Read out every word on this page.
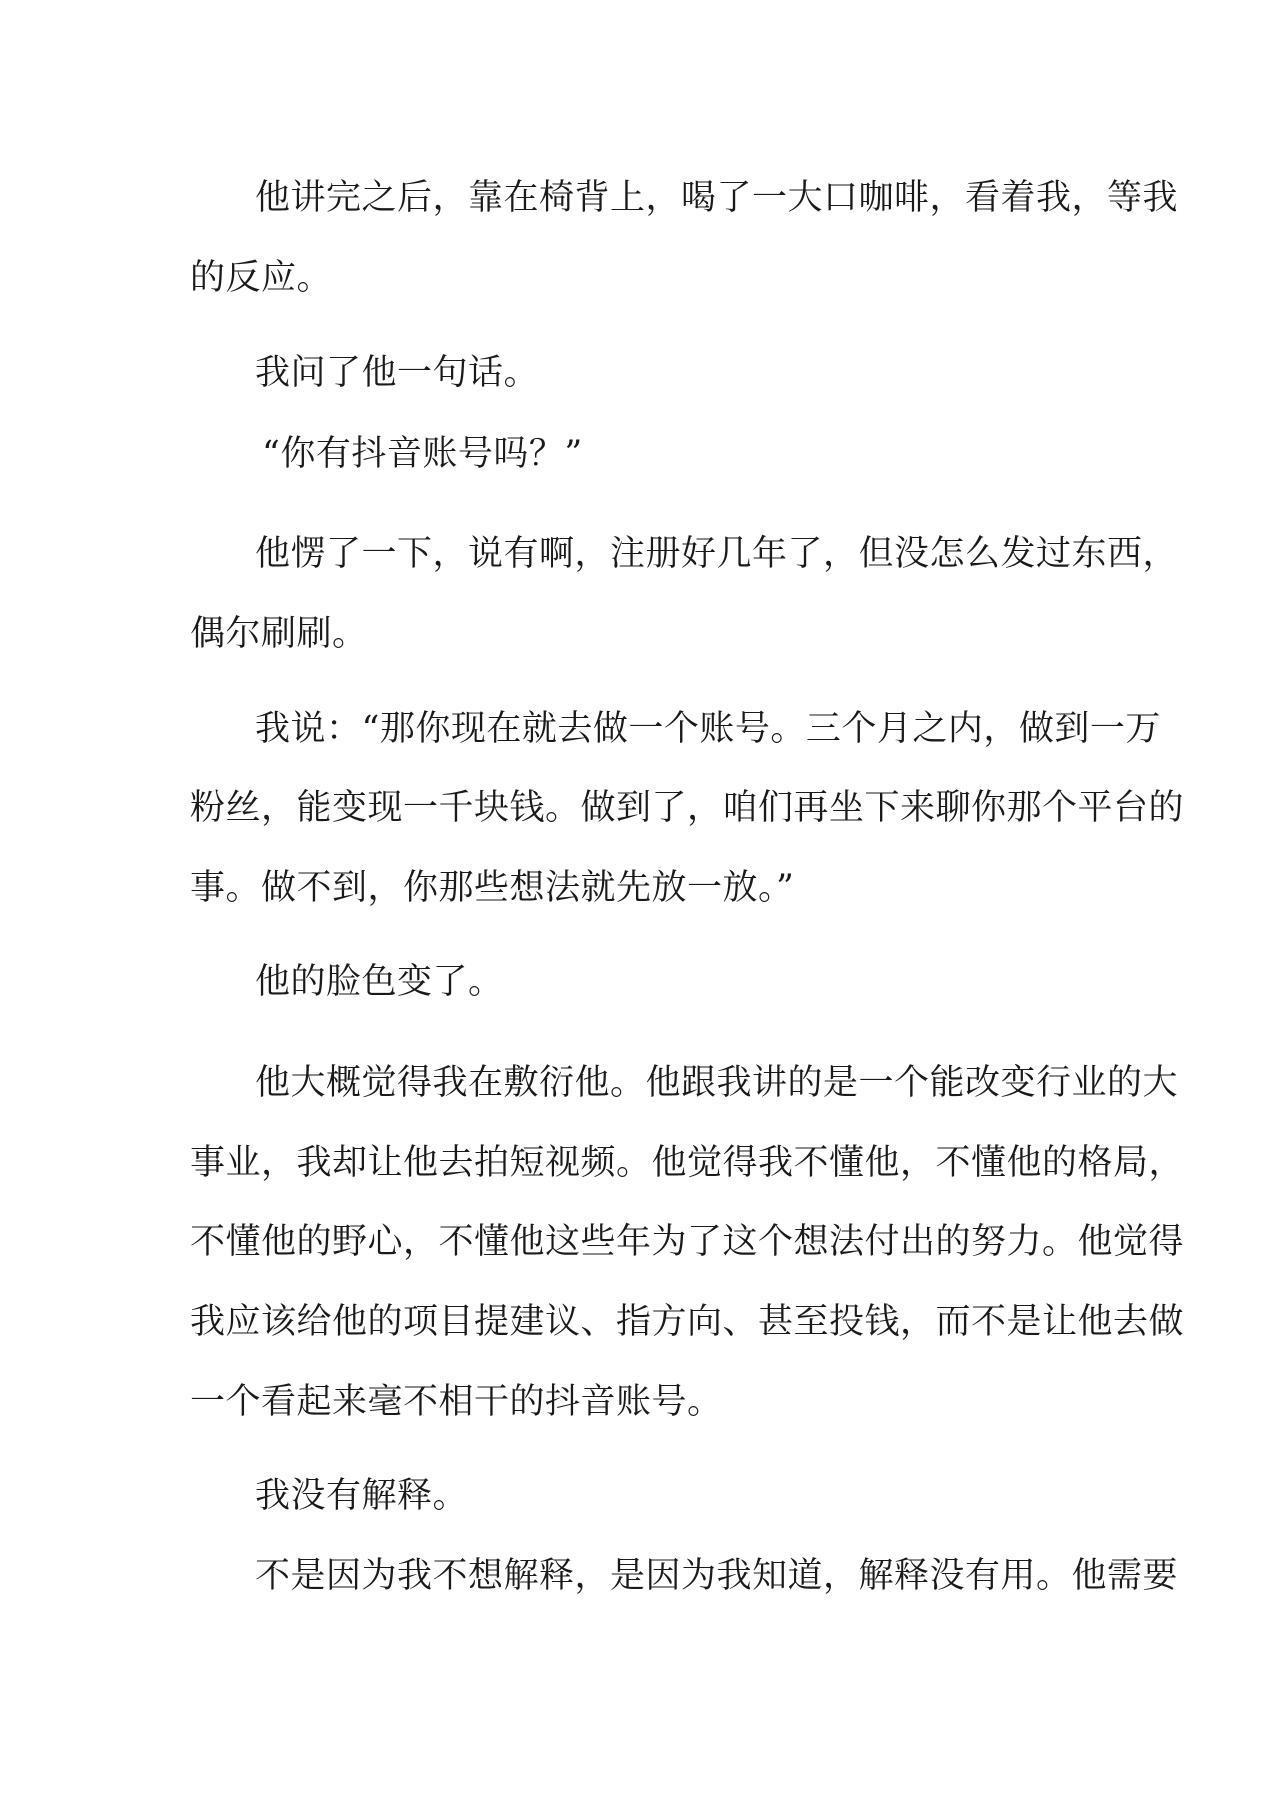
他讲完之后，靠在椅背上，喝了一大口咖啡，看着我，等我
的反应。
我问了他一句话。
“你有抖音账号吗？”
他愣了一下，说有啊，注册好几年了，但没怎么发过东西，
偶尔刷刷。
我说：“那你现在就去做一个账号。三个月之内，做到一万
粉丝，能变现一千块钱。做到了，咱们再坐下来聊你那个平台的
事。做不到，你那些想法就先放一放。”
他的脸色变了。
他大概觉得我在敷衍他。他跟我讲的是一个能改变行业的大
事业，我却让他去拍短视频。他觉得我不懂他，不懂他的格局，
不懂他的野心，不懂他这些年为了这个想法付出的努力。他觉得
我应该给他的项目提建议、指方向、甚至投钱，而不是让他去做
一个看起来毫不相干的抖音账号。
我没有解释。
不是因为我不想解释，是因为我知道，解释没有用。他需要
